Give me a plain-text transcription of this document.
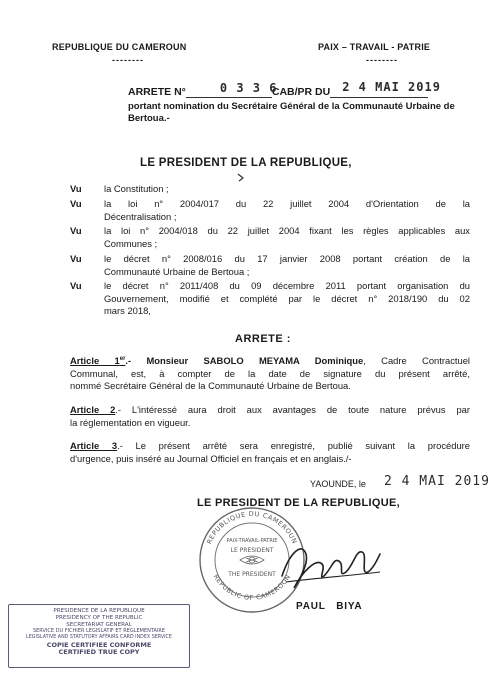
REPUBLIQUE DU CAMEROUN
--------
PAIX – TRAVAIL - PATRIE
--------
ARRETE N°	0 3 3 6
CAB/PR DU 2 4 MAI 2019
portant nomination du Secrétaire Général de la Communauté Urbaine de
Bertoua.-
LE PRESIDENT DE LA REPUBLIQUE,
Vu la Constitution ;
Vu la loi n° 2004/017 du 22 juillet 2004 d'Orientation de la
Décentralisation ;
Vu la loi n° 2004/018 du 22 juillet 2004 fixant les règles applicables aux
Communes ;
Vu le décret n° 2008/016 du 17 janvier 2008 portant création de la
Communauté Urbaine de Bertoua ;
Vu le décret n° 2011/408 du 09 décembre 2011 portant organisation du
Gouvernement, modifié et complété par le décret n° 2018/190 du 02
mars 2018,
ARRETE :
Article 1er.- Monsieur SABOLO MEYAMA Dominique, Cadre Contractuel
Communal, est, à compter de la date de signature du présent arrêté,
nommé Secrétaire Général de la Communauté Urbaine de Bertoua.
Article 2.- L'intéressé aura droit aux avantages de toute nature prévus par
la réglementation en vigueur.
Article 3.- Le présent arrêté sera enregistré, publié suivant la procédure
d'urgence, puis inséré au Journal Officiel en français et en anglais./-
YAOUNDE, le 2 4 MAI 2019
LE PRESIDENT DE LA REPUBLIQUE,
REPUBLIQUE DU CAMEROUN
REPUBLIC OF CAMEROON
PAIX-TRAVAIL-PATRIE
LE PRESIDENT
THE PRESIDENT
PAUL   BIYA
PRESIDENCE DE LA REPUBLIQUE
PRESIDENCY OF THE REPUBLIC
SECRETARIAT GENERAL
SERVICE DU FICHIER LEGISLATIF ET REGLEMENTAIRE
LEGISLATIVE AND STATUTORY AFFAIRS CARD INDEX SERVICE
COPIE CERTIFIEE CONFORME
CERTIFIED TRUE COPY
